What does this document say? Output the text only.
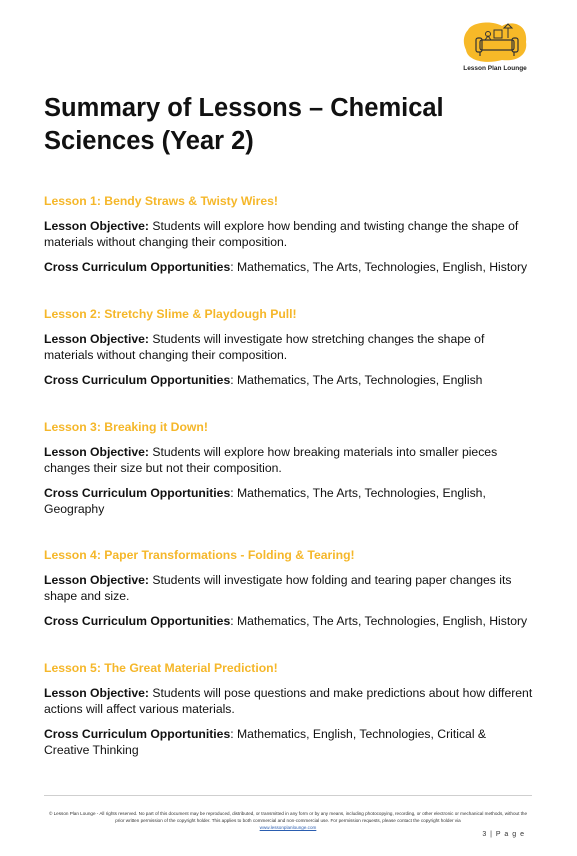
Lesson Plan Lounge
Summary of Lessons – Chemical Sciences (Year 2)
Lesson 1: Bendy Straws & Twisty Wires!
Lesson Objective: Students will explore how bending and twisting change the shape of materials without changing their composition.
Cross Curriculum Opportunities: Mathematics, The Arts, Technologies, English, History
Lesson 2: Stretchy Slime & Playdough Pull!
Lesson Objective: Students will investigate how stretching changes the shape of materials without changing their composition.
Cross Curriculum Opportunities: Mathematics, The Arts, Technologies, English
Lesson 3: Breaking it Down!
Lesson Objective: Students will explore how breaking materials into smaller pieces changes their size but not their composition.
Cross Curriculum Opportunities: Mathematics, The Arts, Technologies, English, Geography
Lesson 4: Paper Transformations - Folding & Tearing!
Lesson Objective: Students will investigate how folding and tearing paper changes its shape and size.
Cross Curriculum Opportunities: Mathematics, The Arts, Technologies, English, History
Lesson 5: The Great Material Prediction!
Lesson Objective: Students will pose questions and make predictions about how different actions will affect various materials.
Cross Curriculum Opportunities: Mathematics, English, Technologies, Critical & Creative Thinking
© Lesson Plan Lounge - All rights reserved. No part of this document may be reproduced, distributed, or transmitted in any form or by any means, including photocopying, recording, or other electronic or mechanical methods, without the prior written permission of the copyright holder. This applies to both commercial and non-commercial use. For permission requests, please contact the copyright holder via
www.lessonplanlounge.com
3 | P a g e
